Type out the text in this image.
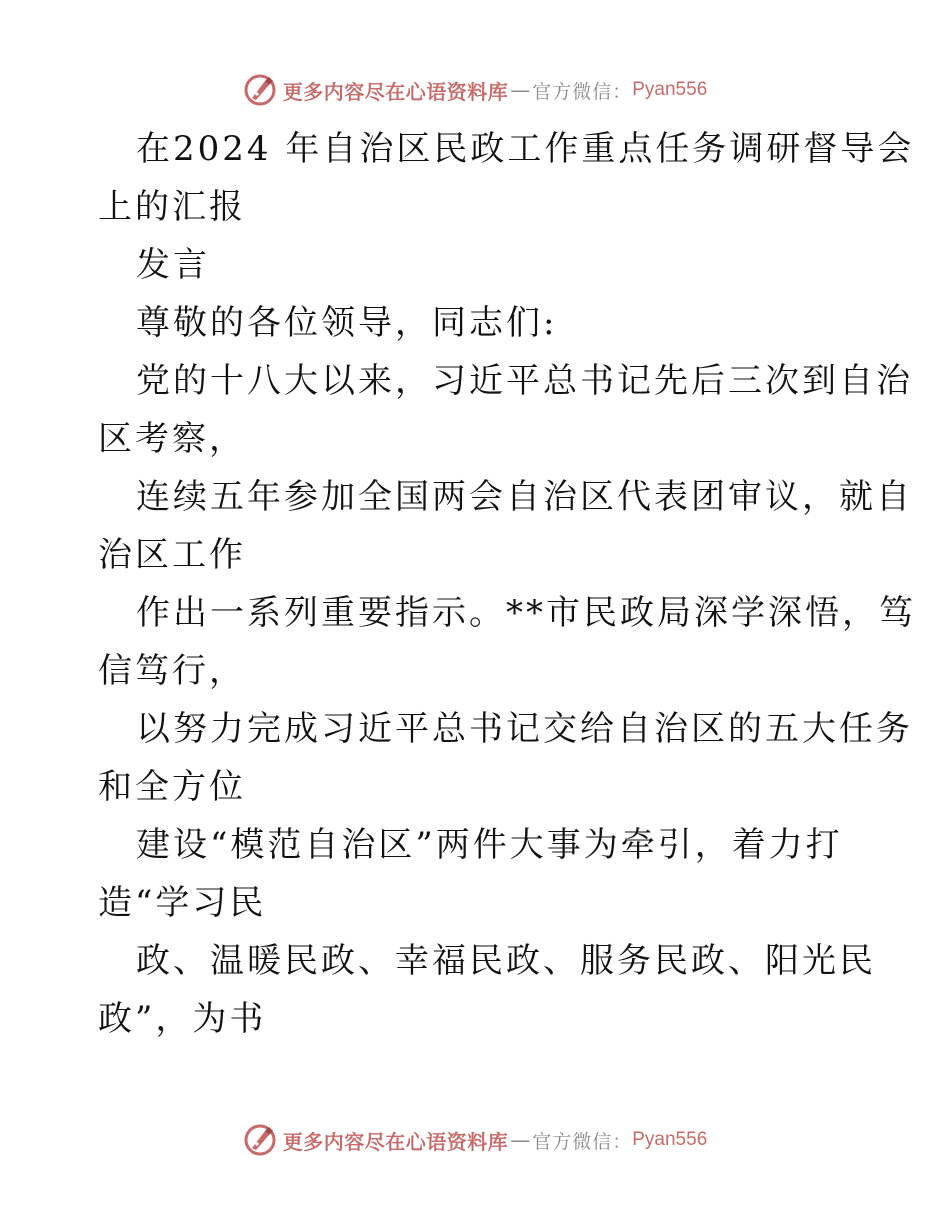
更多内容尽在心语资料库 — 官方微信： Pyan556
在2024 年自治区民政工作重点任务调研督导会
上的汇报
发言
尊敬的各位领导，同志们:
党的十八大以来，习近平总书记先后三次到自治
区考察，
连续五年参加全国两会自治区代表团审议，就自
治区工作
作出一系列重要指示。**市民政局深学深悟，笃
信笃行，
以努力完成习近平总书记交给自治区的五大任务
和全方位
建设“模范自治区”两件大事为牵引，着力打
造“学习民
政、温暖民政、幸福民政、服务民政、阳光民
政”，为书
更多内容尽在心语资料库 — 官方微信： Pyan556
